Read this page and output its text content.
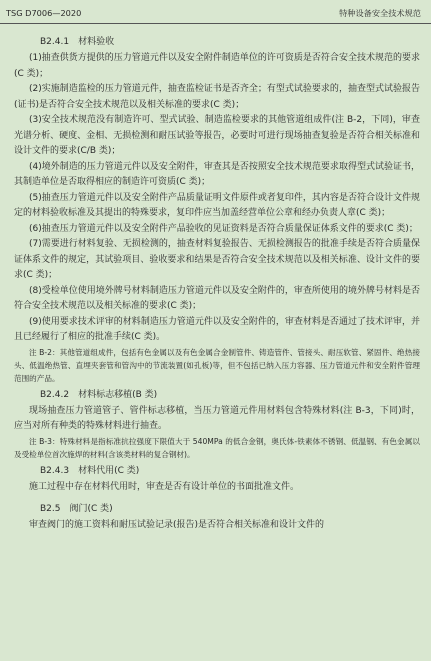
TSG D7006—2020	特种设备安全技术规范
B2.4.1　材料验收
(1)抽查供货方提供的压力管道元件以及安全附件制造单位的许可资质是否符合安全技术规范的要求(C 类)；
(2)实施制造监检的压力管道元件，抽查监检证书是否齐全；有型式试验要求的，抽查型式试验报告(证书)是否符合安全技术规范以及相关标准的要求(C 类)；
(3)安全技术规范没有制造许可、型式试验、制造监检要求的其他管道组成件(注 B-2，下同)，审查光谱分析、硬度、金相、无损检测和耐压试验等报告，必要时可进行现场抽查复验是否符合相关标准和设计文件的要求(C/B 类)；
(4)境外制造的压力管道元件以及安全附件，审查其是否按照安全技术规范要求取得型式试验证书，其制造单位是否取得相应的制造许可资质(C 类)；
(5)抽查压力管道元件以及安全附件产品质量证明文件原件或者复印件，其内容是否符合设计文件规定的材料验收标准及其提出的特殊要求，复印件应当加盖经营单位公章和经办负责人章(C 类)；
(6)抽查压力管道元件以及安全附件产品验收的见证资料是否符合质量保证体系文件的要求(C 类)；
(7)需要进行材料复验、无损检测的，抽查材料复验报告、无损检测报告的批准手续是否符合质量保证体系文件的规定，其试验项目、验收要求和结果是否符合安全技术规范以及相关标准、设计文件的要求(C 类)；
(8)受检单位使用境外牌号材料制造压力管道元件以及安全附件的，审查所使用的境外牌号材料是否符合安全技术规范以及相关标准的要求(C 类)；
(9)使用要求技术评审的材料制造压力管道元件以及安全附件的，审查材料是否通过了技术评审，并且已经履行了相应的批准手续(C 类)。
注 B-2：其他管道组成件，包括有色金属以及有色金属合金制管件、铸造管件、管接头、耐压软管、紧固件、绝热接头、低温绝热管、直埋夹套管和管沟中的节流装置(如孔板)等，但不包括已纳入压力容器、压力管道元件和安全附件管理范围的产品。
B2.4.2　材料标志移植(B 类)
现场抽查压力管道管子、管件标志移植，当压力管道元件用材料包含特殊材料(注 B-3，下同)时，应当对所有种类的特殊材料进行抽查。
注 B-3：特殊材料是指标准抗拉强度下限值大于 540MPa 的低合金钢，奥氏体-铁素体不锈钢、低温钢、有色金属以及受检单位首次施焊的材料(含该类材料的复合钢材)。
B2.4.3　材料代用(C 类)
施工过程中存在材料代用时，审查是否有设计单位的书面批准文件。
B2.5　阀门(C 类)
审查阀门的施工资料和耐压试验记录(报告)是否符合相关标准和设计文件的
